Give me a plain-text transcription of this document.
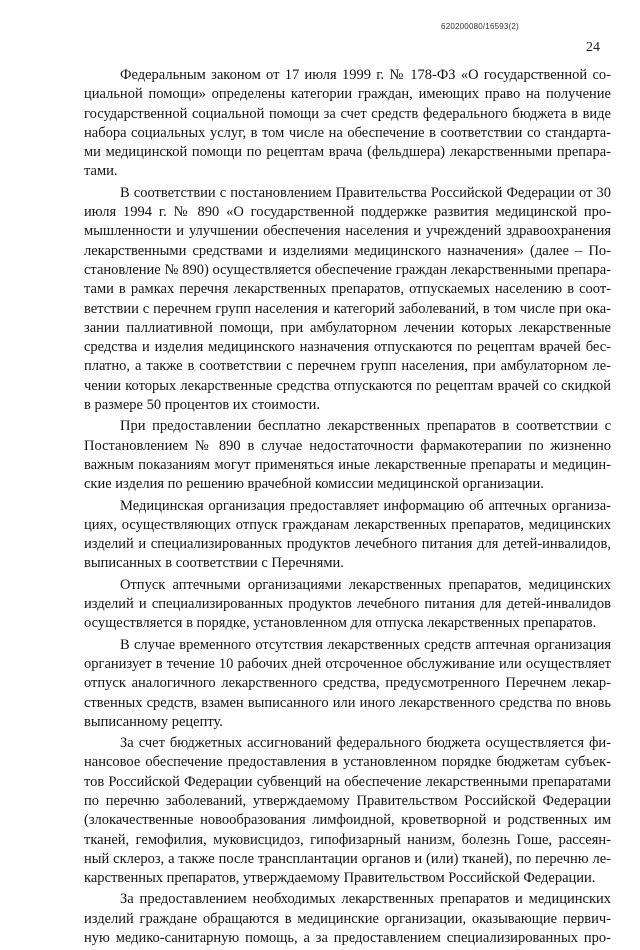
620200080/16593(2)
24
Федеральным законом от 17 июля 1999 г. № 178-ФЗ «О государственной со-
циальной помощи» определены категории граждан, имеющих право на получение
государственной социальной помощи за счет средств федерального бюджета в виде
набора социальных услуг, в том числе на обеспечение в соответствии со стандарта-
ми медицинской помощи по рецептам врача (фельдшера) лекарственными препара-
тами.
В соответствии с постановлением Правительства Российской Федерации от 30
июля 1994 г. № 890 «О государственной поддержке развития медицинской про-
мышленности и улучшении обеспечения населения и учреждений здравоохранения
лекарственными средствами и изделиями медицинского назначения» (далее – По-
становление № 890) осуществляется обеспечение граждан лекарственными препара-
тами в рамках перечня лекарственных препаратов, отпускаемых населению в соот-
ветствии с перечнем групп населения и категорий заболеваний, в том числе при ока-
зании паллиативной помощи, при амбулаторном лечении которых лекарственные
средства и изделия медицинского назначения отпускаются по рецептам врачей бес-
платно, а также в соответствии с перечнем групп населения, при амбулаторном ле-
чении которых лекарственные средства отпускаются по рецептам врачей со скидкой
в размере 50 процентов их стоимости.
При предоставлении бесплатно лекарственных препаратов в соответствии с
Постановлением № 890 в случае недостаточности фармакотерапии по жизненно
важным показаниям могут применяться иные лекарственные препараты и медицин-
ские изделия по решению врачебной комиссии медицинской организации.
Медицинская организация предоставляет информацию об аптечных организа-
циях, осуществляющих отпуск гражданам лекарственных препаратов, медицинских
изделий и специализированных продуктов лечебного питания для детей-инвалидов,
выписанных в соответствии с Перечнями.
Отпуск аптечными организациями лекарственных препаратов, медицинских
изделий и специализированных продуктов лечебного питания для детей-инвалидов
осуществляется в порядке, установленном для отпуска лекарственных препаратов.
В случае временного отсутствия лекарственных средств аптечная организация
организует в течение 10 рабочих дней отсроченное обслуживание или осуществляет
отпуск аналогичного лекарственного средства, предусмотренного Перечнем лекар-
ственных средств, взамен выписанного или иного лекарственного средства по вновь
выписанному рецепту.
За счет бюджетных ассигнований федерального бюджета осуществляется фи-
нансовое обеспечение предоставления в установленном порядке бюджетам субъек-
тов Российской Федерации субвенций на обеспечение лекарственными препаратами
по перечню заболеваний, утверждаемому Правительством Российской Федерации
(злокачественные новообразования лимфоидной, кроветворной и родственных им
тканей, гемофилия, муковисцидоз, гипофизарный нанизм, болезнь Гоше, рассеян-
ный склероз, а также после трансплантации органов и (или) тканей), по перечню ле-
карственных препаратов, утверждаемому Правительством Российской Федерации.
За предоставлением необходимых лекарственных препаратов и медицинских
изделий граждане обращаются в медицинские организации, оказывающие первич-
ную медико-санитарную помощь, а за предоставлением специализированных про-
